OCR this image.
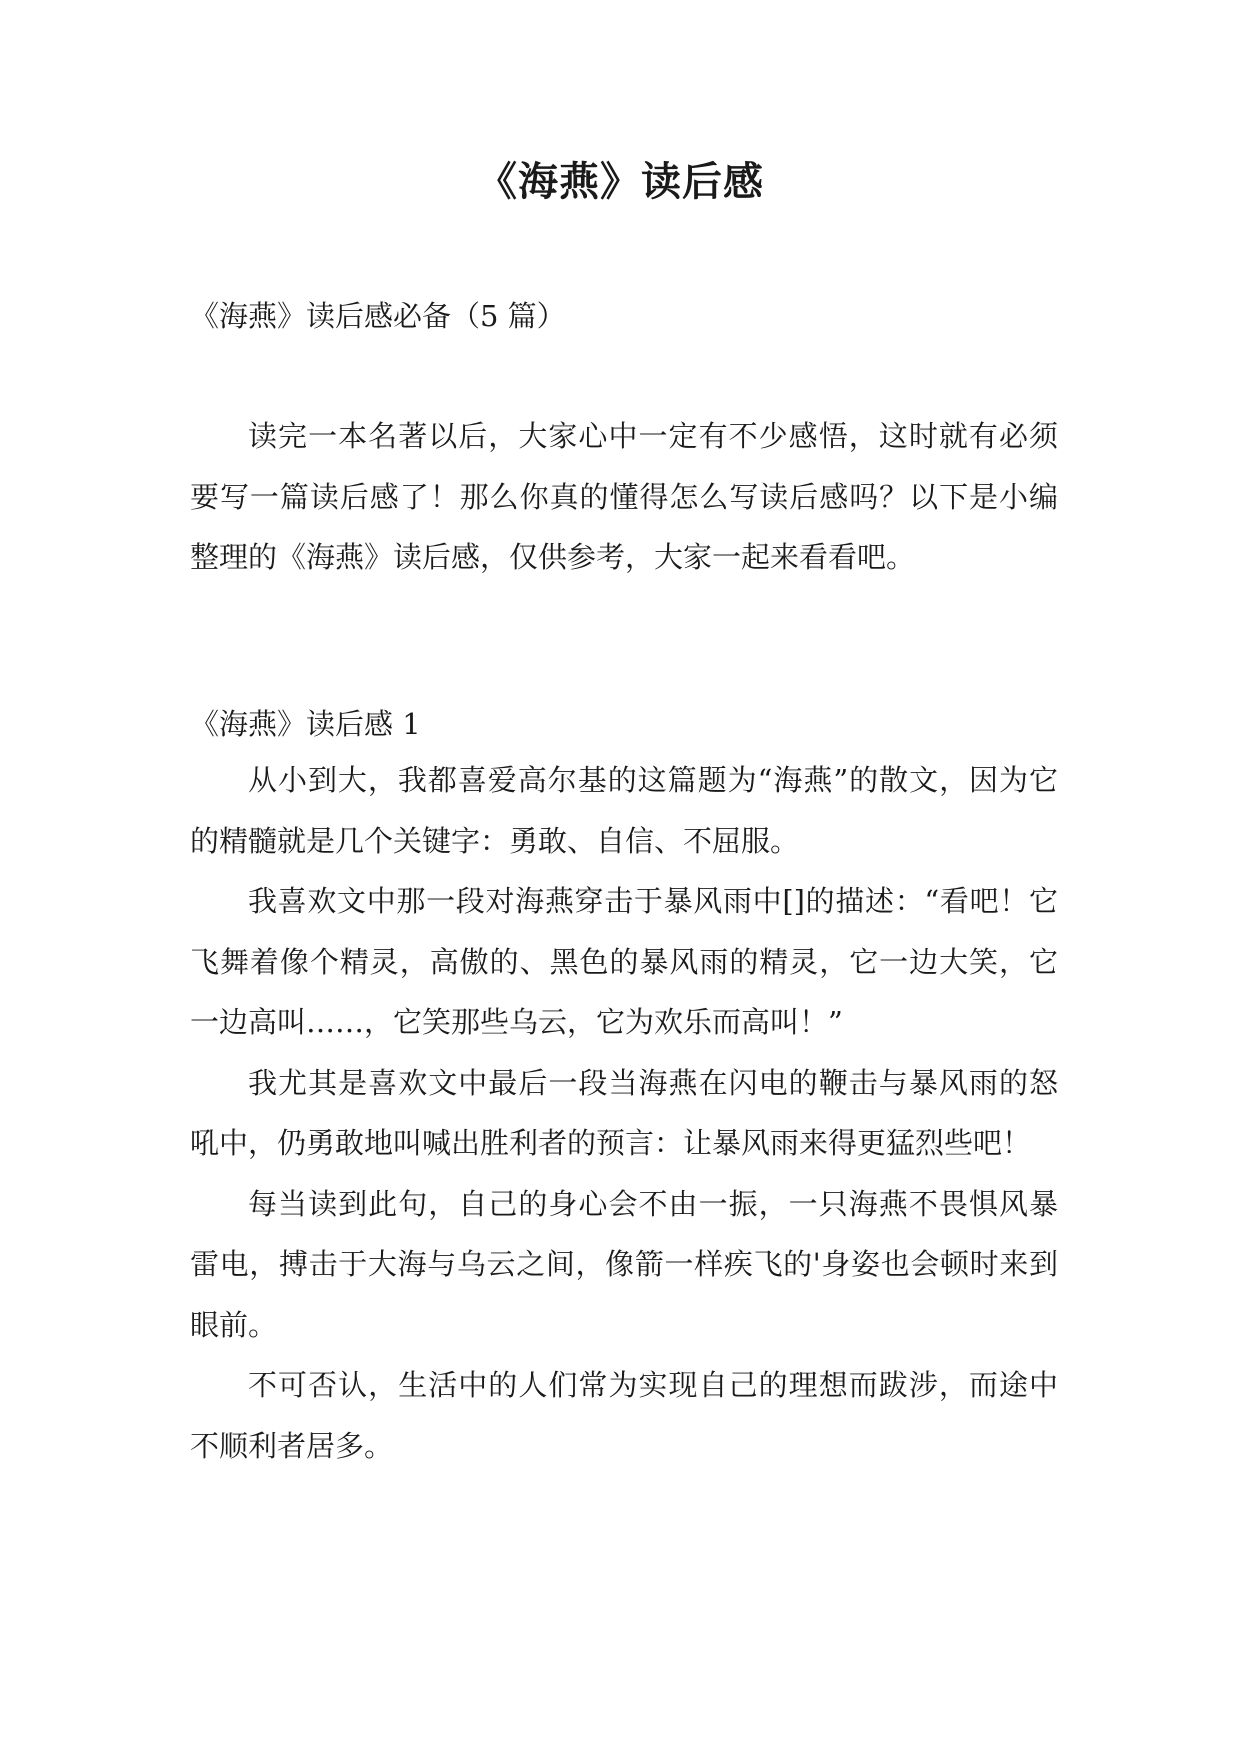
《海燕》读后感

《海燕》读后感必备（5 篇）

读完一本名著以后，大家心中一定有不少感悟，这时就有必须要写一篇读后感了！那么你真的懂得怎么写读后感吗？以下是小编整理的《海燕》读后感，仅供参考，大家一起来看看吧。

《海燕》读后感 1

从小到大，我都喜爱高尔基的这篇题为“海燕”的散文，因为它的精髓就是几个关键字：勇敢、自信、不屈服。

我喜欢文中那一段对海燕穿击于暴风雨中[]的描述：“看吧！它飞舞着像个精灵，高傲的、黑色的暴风雨的精灵，它一边大笑，它一边高叫……，它笑那些乌云，它为欢乐而高叫！”

我尤其是喜欢文中最后一段当海燕在闪电的鞭击与暴风雨的怒吼中，仍勇敢地叫喊出胜利者的预言：让暴风雨来得更猛烈些吧！

每当读到此句，自己的身心会不由一振，一只海燕不畏惧风暴雷电，搏击于大海与乌云之间，像箭一样疾飞的'身姿也会顿时来到眼前。

不可否认，生活中的人们常为实现自己的理想而跋涉，而途中不顺利者居多。
